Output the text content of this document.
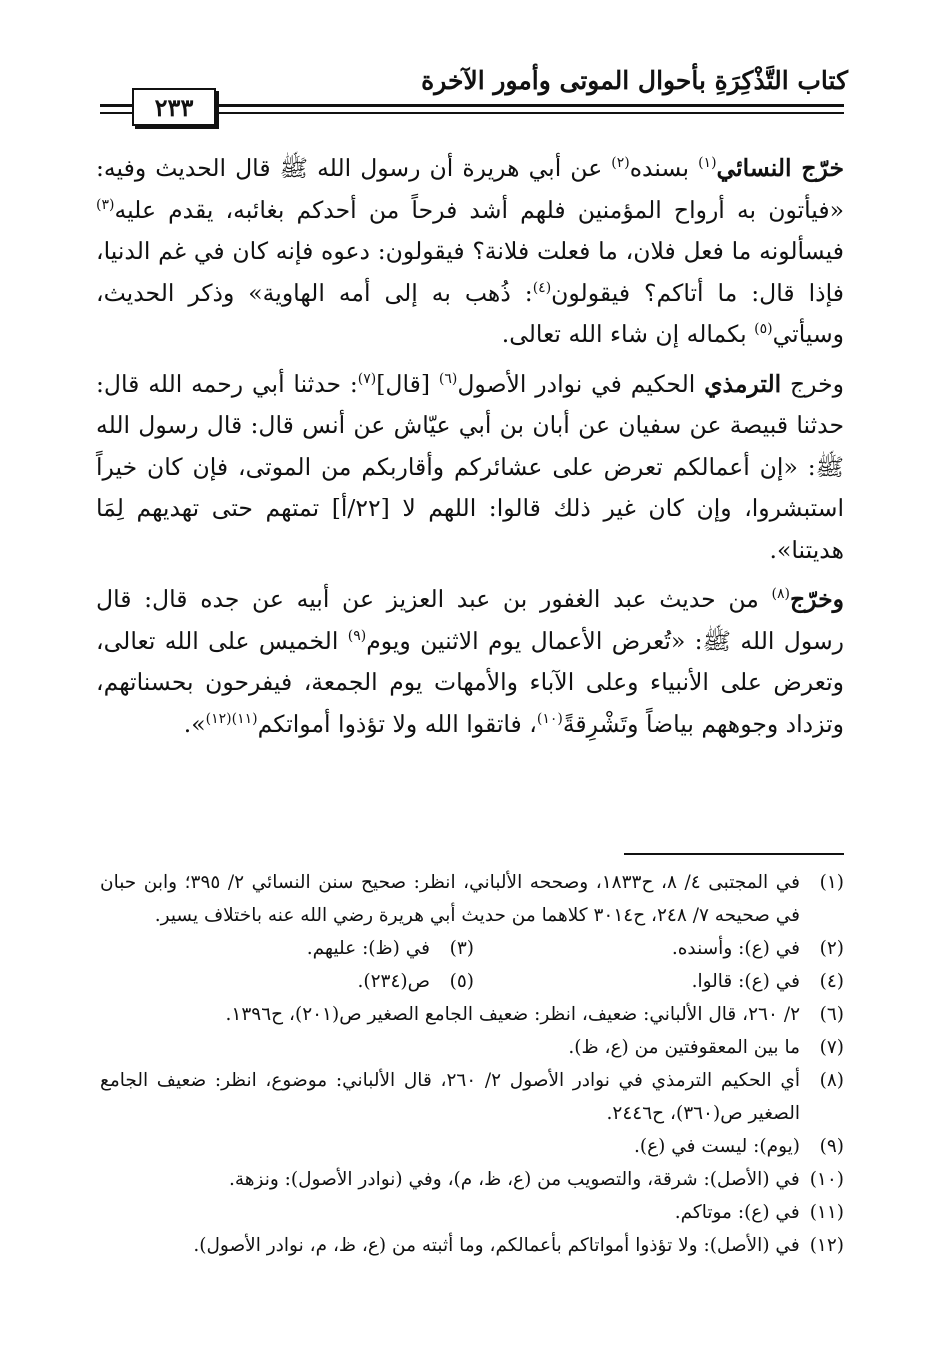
كتاب التَّذْكِرَةِ بأحوال الموتى وأمور الآخرة
٢٣٣

خرّج النسائي$^{(١)}$ بسنده$^{(٢)}$ عن أبي هريرة أن رسول الله ﷺ قال الحديث وفيه: «فيأتون به أرواح المؤمنين فلهم أشد فرحاً من أحدكم بغائبه، يقدم عليه$^{(٣)}$ فيسألونه ما فعل فلان، ما فعلت فلانة؟ فيقولون: دعوه فإنه كان في غم الدنيا، فإذا قال: ما أتاكم؟ فيقولون$^{(٤)}$: ذُهب به إلى أمه الهاوية» وذكر الحديث، وسيأتي$^{(٥)}$ بكماله إن شاء الله تعالى.

وخرج الترمذي الحكيم في نوادر الأصول$^{(٦)}$ [قال]$^{(٧)}$: حدثنا أبي رحمه الله قال: حدثنا قبيصة عن سفيان عن أبان بن أبي عيّاش عن أنس قال: قال رسول الله ﷺ: «إن أعمالكم تعرض على عشائركم وأقاربكم من الموتى، فإن كان خيراً استبشروا، وإن كان غير ذلك قالوا: اللهم لا [٢٢/أ] تمتهم حتى تهديهم لِمَا هديتنا».

وخرّج$^{(٨)}$ من حديث عبد الغفور بن عبد العزيز عن أبيه عن جده قال: قال رسول الله ﷺ: «تُعرض الأعمال يوم الاثنين ويوم$^{(٩)}$ الخميس على الله تعالى، وتعرض على الأنبياء وعلى الآباء والأمهات يوم الجمعة، فيفرحون بحسناتهم، وتزداد وجوههم بياضاً وتَشْرِقةً$^{(١٠)}$، فاتقوا الله ولا تؤذوا أمواتكم$^{(١١)(١٢)}$».

(١)
في المجتبى ٤/ ٨، ح١٨٣٣، وصححه الألباني، انظر: صحيح سنن النسائي ٢/ ٣٩٥؛ وابن حبان في صحيحه ٧/ ٢٤٨، ح٣٠١٤ كلاهما من حديث أبي هريرة رضي الله عنه باختلاف يسير.
(٢)
في (ع): وأسنده.
(٣)
في (ظ): عليهم.
(٤)
في (ع): قالوا.
(٥)
ص(٢٣٤).
(٦)
٢/ ٢٦٠، قال الألباني: ضعيف، انظر: ضعيف الجامع الصغير ص(٢٠١)، ح١٣٩٦.
(٧)
ما بين المعقوفتين من (ع، ظ).
(٨)
أي الحكيم الترمذي في نوادر الأصول ٢/ ٢٦٠، قال الألباني: موضوع، انظر: ضعيف الجامع الصغير ص(٣٦٠)، ح٢٤٤٦.
(٩)
(يوم): ليست في (ع).
(١٠)
في (الأصل): شرقة، والتصويب من (ع، ظ، م)، وفي (نوادر الأصول): ونزهة.
(١١)
في (ع): موتاكم.
(١٢)
في (الأصل): ولا تؤذوا أمواتاكم بأعمالكم، وما أثبته من (ع، ظ، م، نوادر الأصول).
